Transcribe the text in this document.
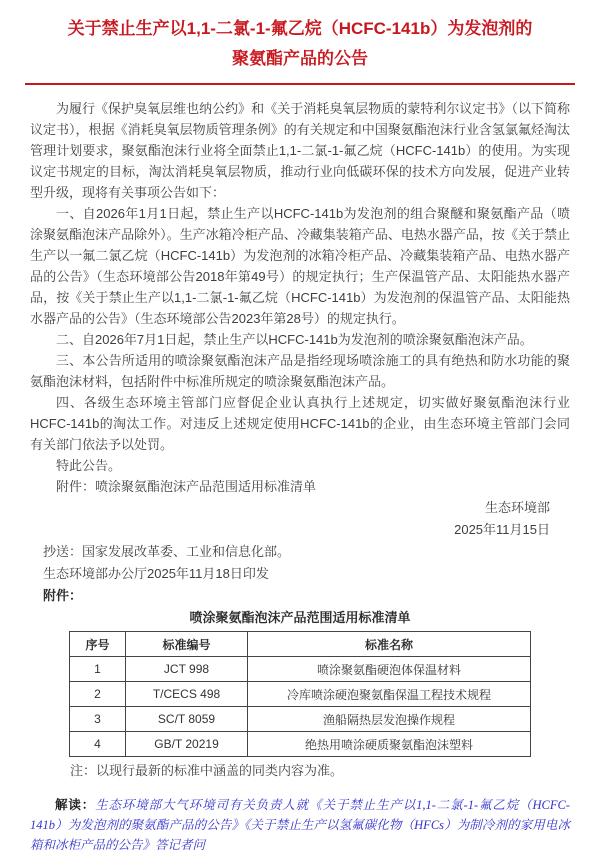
关于禁止生产以1,1-二氯-1-氟乙烷（HCFC-141b）为发泡剂的
聚氨酯产品的公告

为履行《保护臭氧层维也纳公约》和《关于消耗臭氧层物质的蒙特利尔议定书》（以下简称议定书），根据《消耗臭氧层物质管理条例》的有关规定和中国聚氨酯泡沫行业含氢氯氟烃淘汰管理计划要求，聚氨酯泡沫行业将全面禁止1,1-二氯-1-氟乙烷（HCFC-141b）的使用。为实现议定书规定的目标，淘汰消耗臭氧层物质，推动行业向低碳环保的技术方向发展，促进产业转型升级，现将有关事项公告如下：

一、自2026年1月1日起，禁止生产以HCFC-141b为发泡剂的组合聚醚和聚氨酯产品（喷涂聚氨酯泡沫产品除外）。生产冰箱冷柜产品、冷藏集装箱产品、电热水器产品，按《关于禁止生产以一氟二氯乙烷（HCFC-141b）为发泡剂的冰箱冷柜产品、冷藏集装箱产品、电热水器产品的公告》（生态环境部公告2018年第49号）的规定执行；生产保温管产品、太阳能热水器产品，按《关于禁止生产以1,1-二氯-1-氟乙烷（HCFC-141b）为发泡剂的保温管产品、太阳能热水器产品的公告》（生态环境部公告2023年第28号）的规定执行。

二、自2026年7月1日起，禁止生产以HCFC-141b为发泡剂的喷涂聚氨酯泡沫产品。

三、本公告所适用的喷涂聚氨酯泡沫产品是指经现场喷涂施工的具有绝热和防水功能的聚氨酯泡沫材料，包括附件中标准所规定的喷涂聚氨酯泡沫产品。

四、各级生态环境主管部门应督促企业认真执行上述规定，切实做好聚氨酯泡沫行业HCFC-141b的淘汰工作。对违反上述规定使用HCFC-141b的企业，由生态环境主管部门会同有关部门依法予以处罚。

特此公告。

附件：喷涂聚氨酯泡沫产品范围适用标准清单

生态环境部
2025年11月15日

抄送：国家发展改革委、工业和信息化部。

生态环境部办公厅2025年11月18日印发

附件：

喷涂聚氨酯泡沫产品范围适用标准清单

序号	标准编号	标准名称
1	JCT 998	喷涂聚氨酯硬泡体保温材料
2	T/CECS 498	冷库喷涂硬泡聚氨酯保温工程技术规程
3	SC/T 8059	渔船隔热层发泡操作规程
4	GB/T 20219	绝热用喷涂硬质聚氨酯泡沫塑料

注：以现行最新的标准中涵盖的同类内容为准。

解读：生态环境部大气环境司有关负责人就《关于禁止生产以1,1-二氯-1-氟乙烷（HCFC-141b）为发泡剂的聚氨酯产品的公告》《关于禁止生产以氢氟碳化物（HFCs）为制冷剂的家用电冰箱和冰柜产品的公告》答记者问
